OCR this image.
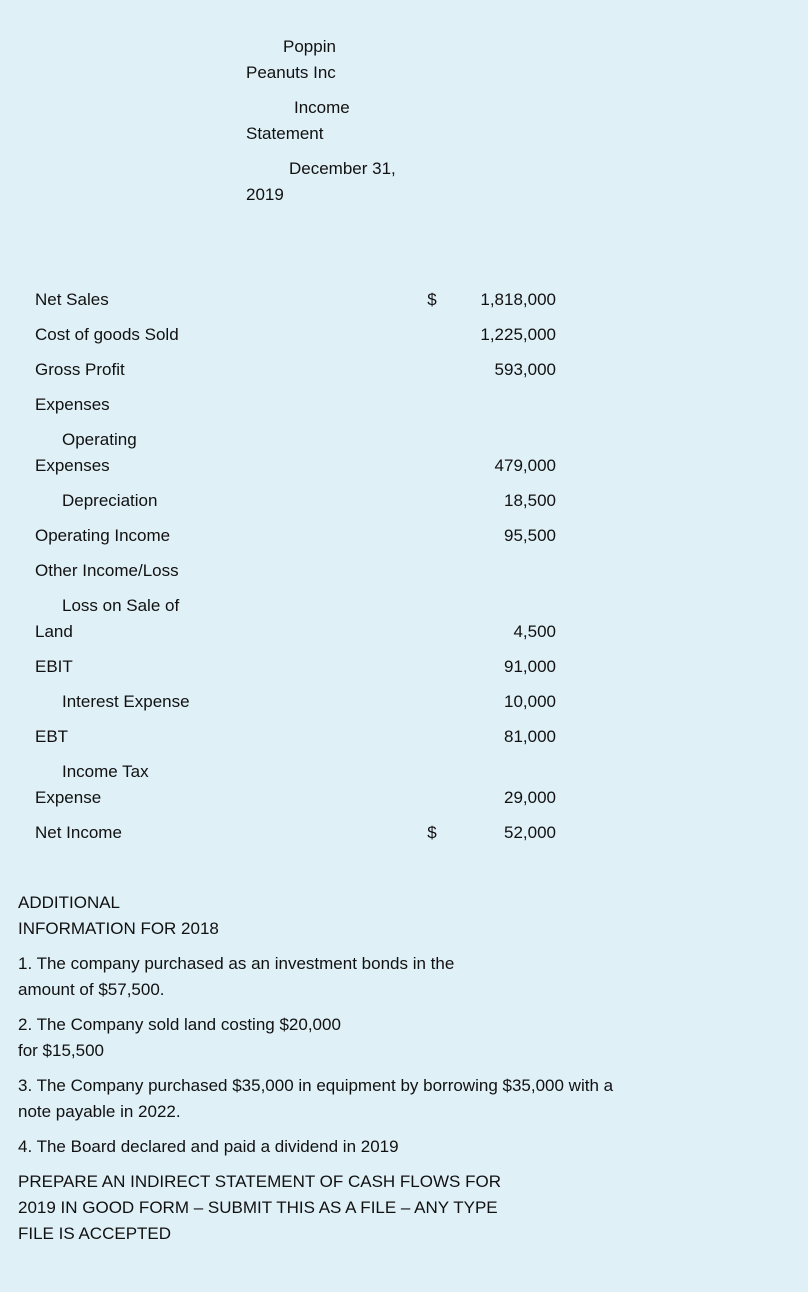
Poppin
Peanuts Inc
Income
Statement
December 31,
2019
Net Sales	$	1,818,000
Cost of goods Sold	1,225,000
Gross Profit	593,000
Expenses
Operating
Expenses	479,000
Depreciation	18,500
Operating Income	95,500
Other Income/Loss
Loss on Sale of
Land	4,500
EBIT	91,000
Interest Expense	10,000
EBT	81,000
Income Tax
Expense	29,000
Net Income	$	52,000
ADDITIONAL
INFORMATION FOR 2018
1. The company purchased as an investment bonds in the
amount of $57,500.
2. The Company sold land costing $20,000
for $15,500
3. The Company purchased $35,000 in equipment by borrowing $35,000 with a
note payable in 2022.
4. The Board declared and paid a dividend in 2019
PREPARE AN INDIRECT STATEMENT OF CASH FLOWS FOR
2019 IN GOOD FORM – SUBMIT THIS AS A FILE – ANY TYPE
FILE IS ACCEPTED
